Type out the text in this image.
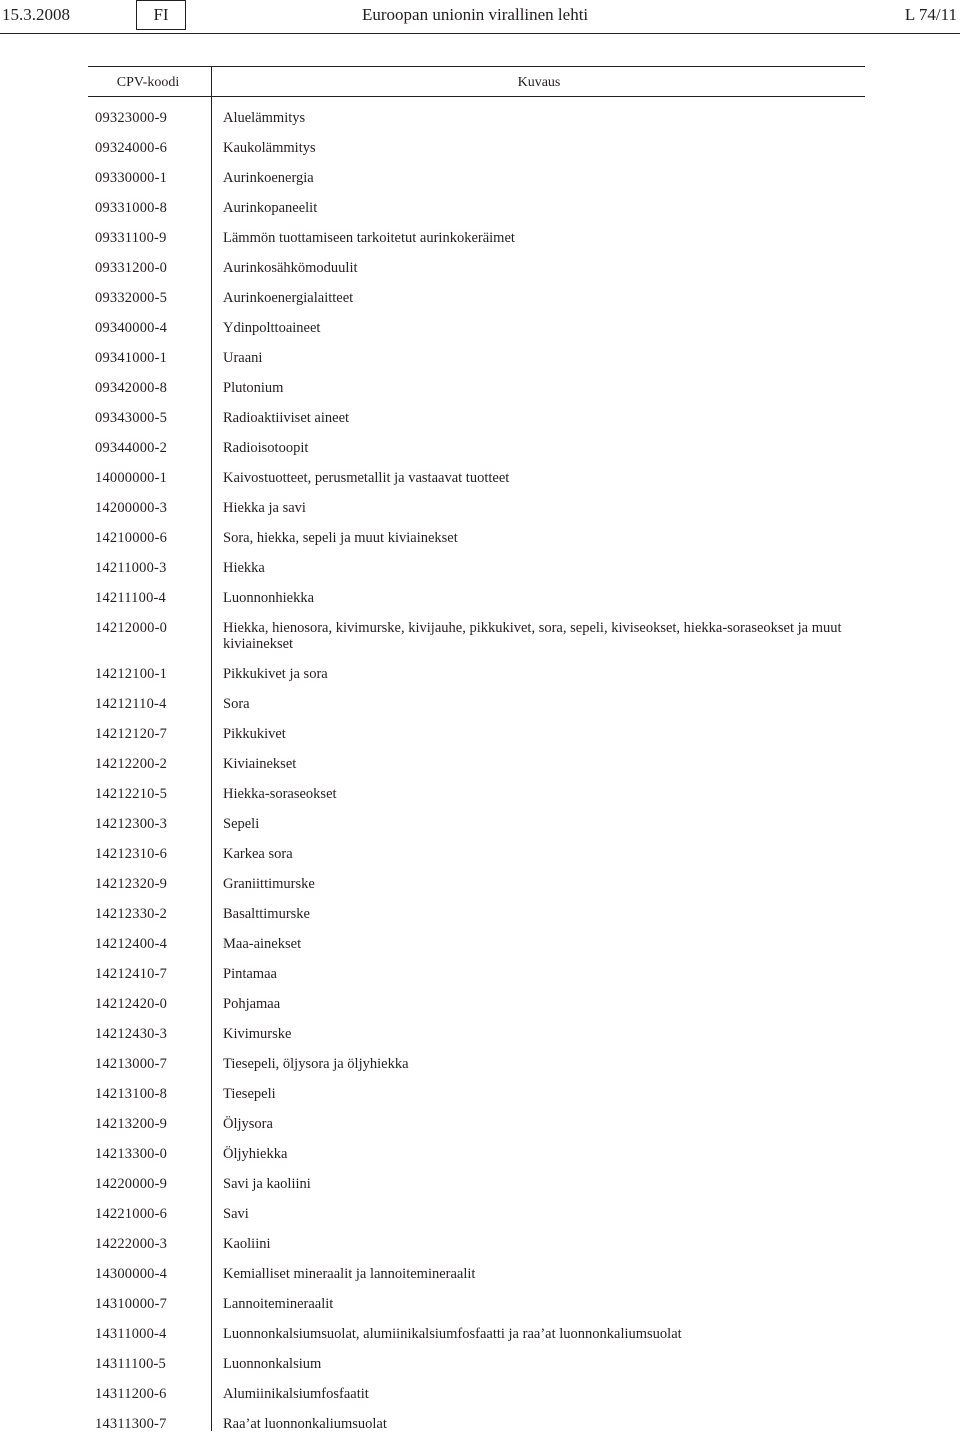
15.3.2008	FI	Euroopan unionin virallinen lehti	L 74/11
CPV-koodi	Kuvaus
09323000-9	Aluelämmitys
09324000-6	Kaukolämmitys
09330000-1	Aurinkoenergia
09331000-8	Aurinkopaneelit
09331100-9	Lämmön tuottamiseen tarkoitetut aurinkokeräimet
09331200-0	Aurinkosähkömoduulit
09332000-5	Aurinkoenergialaitteet
09340000-4	Ydinpolttoaineet
09341000-1	Uraani
09342000-8	Plutonium
09343000-5	Radioaktiiviset aineet
09344000-2	Radioisotoopit
14000000-1	Kaivostuotteet, perusmetallit ja vastaavat tuotteet
14200000-3	Hiekka ja savi
14210000-6	Sora, hiekka, sepeli ja muut kiviainekset
14211000-3	Hiekka
14211100-4	Luonnonhiekka
14212000-0	Hiekka, hienosora, kivimurske, kivijauhe, pikkukivet, sora, sepeli, kiviseokset, hiekka-soraseokset ja muut kiviainekset
14212100-1	Pikkukivet ja sora
14212110-4	Sora
14212120-7	Pikkukivet
14212200-2	Kiviainekset
14212210-5	Hiekka-soraseokset
14212300-3	Sepeli
14212310-6	Karkea sora
14212320-9	Graniittimurske
14212330-2	Basalttimurske
14212400-4	Maa-ainekset
14212410-7	Pintamaa
14212420-0	Pohjamaa
14212430-3	Kivimurske
14213000-7	Tiesepeli, öljysora ja öljyhiekka
14213100-8	Tiesepeli
14213200-9	Öljysora
14213300-0	Öljyhiekka
14220000-9	Savi ja kaoliini
14221000-6	Savi
14222000-3	Kaoliini
14300000-4	Kemialliset mineraalit ja lannoitemineraalit
14310000-7	Lannoitemineraalit
14311000-4	Luonnonkalsiumsuolat, alumiinikalsiumfosfaatti ja raa’at luonnonkaliumsuolat
14311100-5	Luonnonkalsium
14311200-6	Alumiinikalsiumfosfaatit
14311300-7	Raa’at luonnonkaliumsuolat
